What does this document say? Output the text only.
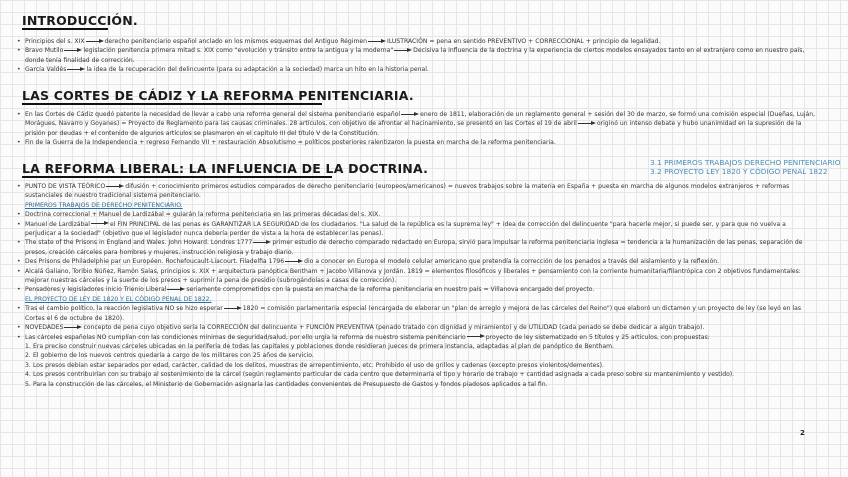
INTRODUCCIÓN.
• Principios del s. XIX	derecho penitenciario español anclado en los mismos esquemas del Antiguo Régimen	ILUSTRACIÓN = pena en sentido PREVENTIVO + CORRECCIONAL + principio de legalidad.
• Bravo Mutilo	legislación penitencia primera mitad s. XIX como "evolución y tránsito entre la antigua y la moderna"	Decisiva la influencia de la doctrina y la experiencia de ciertos modelos ensayados tanto en el extranjero como en nuestro país, donde tenía finalidad de corrección.
• García Valdés	la idea de la recuperación del delincuente (para su adaptación a la sociedad) marca un hito en la historia penal.
LAS CORTES DE CÁDIZ Y LA REFORMA PENITENCIARIA.
• En las Cortes de Cádiz quedó patente la necesidad de llevar a cabo una reforma general del sistema penitenciario español	enero de 1811, elaboración de un reglamento general + sesión del 30 de marzo, se formó una comisión especial (Dueñas, Luján, Morágues, Navarro y Goyanes) = Proyecto de Reglamento para las causas criminales. 28 artículos, con objetivo de afrontar el hacinamiento, se presentó en las Cortes el 19 de abril	originó un intenso debate y hubo unanimidad en la supresión de la prisión por deudas + el contenido de algunos artículos se plasmaron en el capítulo III del título V de la Constitución.
• Fin de la Guerra de la Independencia + regreso Fernando VII + restauración Absolutismo = políticos posteriores ralentizaron la puesta en marcha de la reforma penitenciaria.
LA REFORMA LIBERAL: LA INFLUENCIA DE LA DOCTRINA.	3.1 PRIMEROS TRABAJOS DERECHO PENITENCIARIO
3.2 PROYECTO LEY 1820 Y CÓDIGO PENAL 1822
• PUNTO DE VISTA TEÓRICO	difusión + conocimiento primeros estudios comparados de derecho penitenciario (europeos/americanos) = nuevos trabajos sobre la materia en España + puesta en marcha de algunos modelos extranjeros + reformas sustanciales de nuestro tradicional sistema penitenciario.
PRIMEROS TRABAJOS DE DERECHO PENITENCIARIO.
• Doctrina correccional + Manuel de Lardizábal = guiarán la reforma penitenciaria en las primeras décadas del s. XIX.
• Manuel de Lardizábal	el FIN PRINCIPAL de las penas es GARANTIZAR LA SEGURIDAD de los ciudadanos. "La salud de la república es la suprema ley" + idea de corrección del delincuente "para hacerle mejor, si puede ser, y para que no vuelva a perjudicar a la sociedad" (objetivo que el legislador nunca debería perder de vista a la hora de establecer las penas).
• The state of the Prisons in England and Wales. John Howard. Londres 1777	primer estudio de derecho comparado redactado en Europa, sirvió para impulsar la reforma penitenciaria inglesa = tendencia a la humanización de las penas, separación de presos, creación cárceles para hombres y mujeres, instrucción religiosa y trabajo diario.
• Des Prisons de Philadelphie par un Européen. Rochefoucault-Liacourt. Filadelfia 1796	dio a conocer en Europa el modelo celular americano que pretendía la corrección de los penados a través del aislamiento y la reflexión.
• Alcalá Galiano, Toribio Núñez, Ramón Salas, principios s. XIX + arquitectura panóptica Bentham + Jacobo Villanova y Jordán. 1819 = elementos filosóficos y liberales + pensamiento con la corriente humanitaria/filantrópica con 2 objetivos fundamentales: mejorar nuestras cárceles y la suerte de los presos + suprimir la pena de presidio (subrogándolas a casas de corrección).
• Pensadores y legisladores inicio Trienio Liberal	seriamente comprometidos con la puesta en marcha de la reforma penitenciaria en nuestro país = Villanova encargado del proyecto.
EL PROYECTO DE LEY DE 1820 Y EL CÓDIGO PENAL DE 1822.
• Tras el cambio político, la reacción legislativa NO se hizo esperar	1820 = comisión parlamentaria especial (encargada de elaborar un "plan de arreglo y mejora de las cárceles del Reino") que elaboró un dictamen y un proyecto de ley (se leyó en las Cortes el 6 de octubre de 1820).
• NOVEDADES	concepto de pena cuyo objetivo sería la CORRECCIÓN del delincuente + FUNCIÓN PREVENTIVA (penado tratado con dignidad y miramiento) y de UTILIDAD (cada penado se debe dedicar a algún trabajo).
• Las cárceles españolas NO cumplían con las condiciones mínimas de seguridad/salud, por ello urgía la reforma de nuestro sistema penitenciario	proyecto de ley sistematizado en 5 títulos y 25 artículos, con propuestas:
1. Era preciso construir nuevas cárceles ubicadas en la periferia de todas las capitales y poblaciones donde residieran jueces de primera instancia, adaptadas al plan de panóptico de Bentham.
2. El gobierno de los nuevos centros quedaría a cargo de los militares con 25 años de servicio.
3. Los presos debían estar separados por edad, carácter, calidad de los delitos, muestras de arrepentimiento, etc. Prohibido el uso de grillos y cadenas (excepto presos violentos/dementes).
4. Los presos contribuirían con su trabajo al sostenimiento de la cárcel (según reglamento particular de cada centro que determinaría el tipo y horario de trabajo + cantidad asignada a cada preso sobre su mantenimiento y vestido).
5. Para la construcción de las cárceles, el Ministerio de Gobernación asignaría las cantidades convenientes de Presupuesto de Gastos y fondos piadosos aplicados a tal fin.
2
